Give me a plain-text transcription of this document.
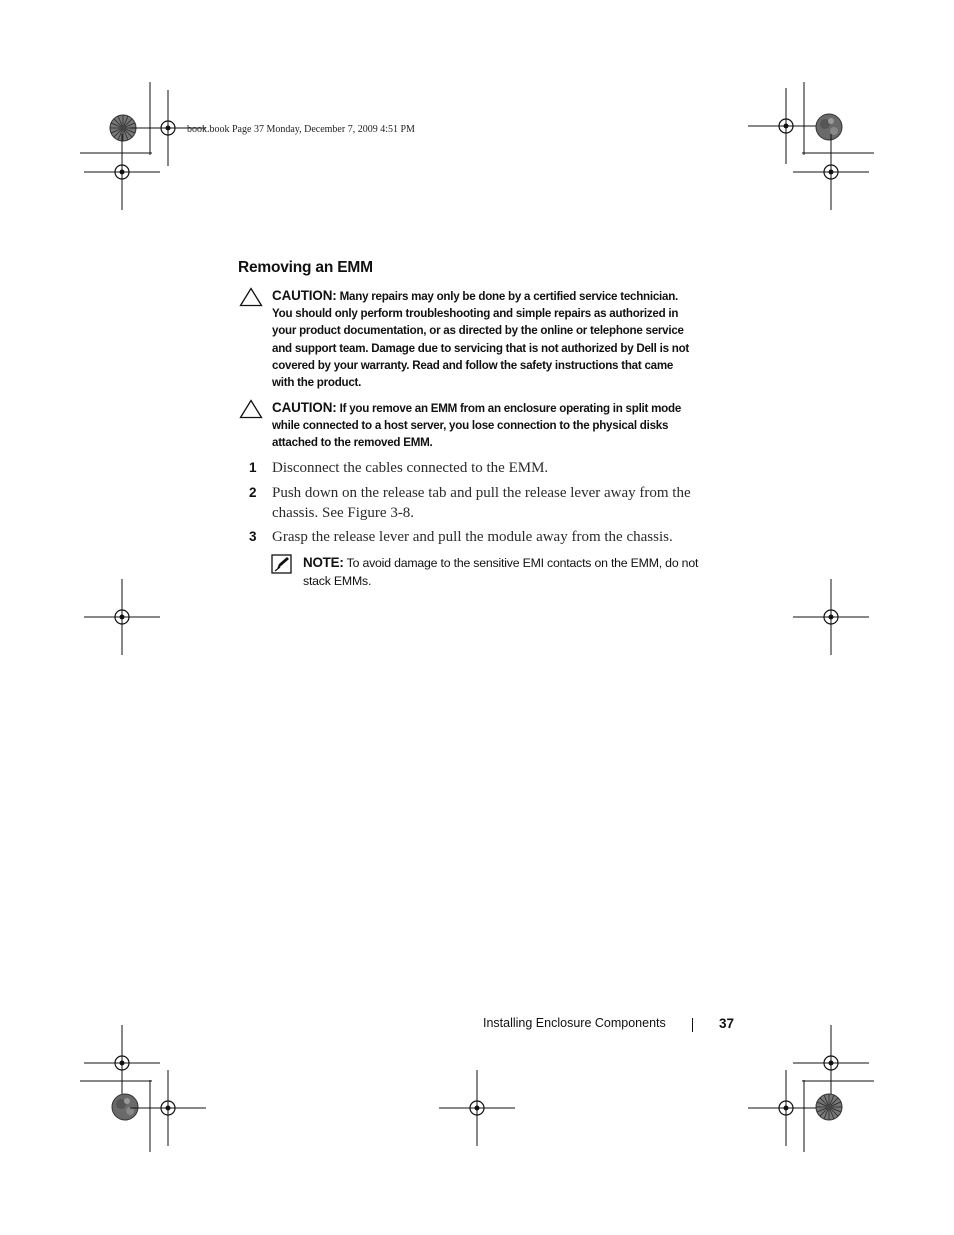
book.book Page 37 Monday, December 7, 2009 4:51 PM
Removing an EMM
CAUTION: Many repairs may only be done by a certified service technician.
You should only perform troubleshooting and simple repairs as authorized in
your product documentation, or as directed by the online or telephone service
and support team. Damage due to servicing that is not authorized by Dell is not
covered by your warranty. Read and follow the safety instructions that came
with the product.
CAUTION: If you remove an EMM from an enclosure operating in split mode
while connected to a host server, you lose connection to the physical disks
attached to the removed EMM.
1 Disconnect the cables connected to the EMM.
2 Push down on the release tab and pull the release lever away from the
chassis. See Figure 3-8.
3 Grasp the release lever and pull the module away from the chassis.
NOTE: To avoid damage to the sensitive EMI contacts on the EMM, do not
stack EMMs.
Installing Enclosure Components	37
